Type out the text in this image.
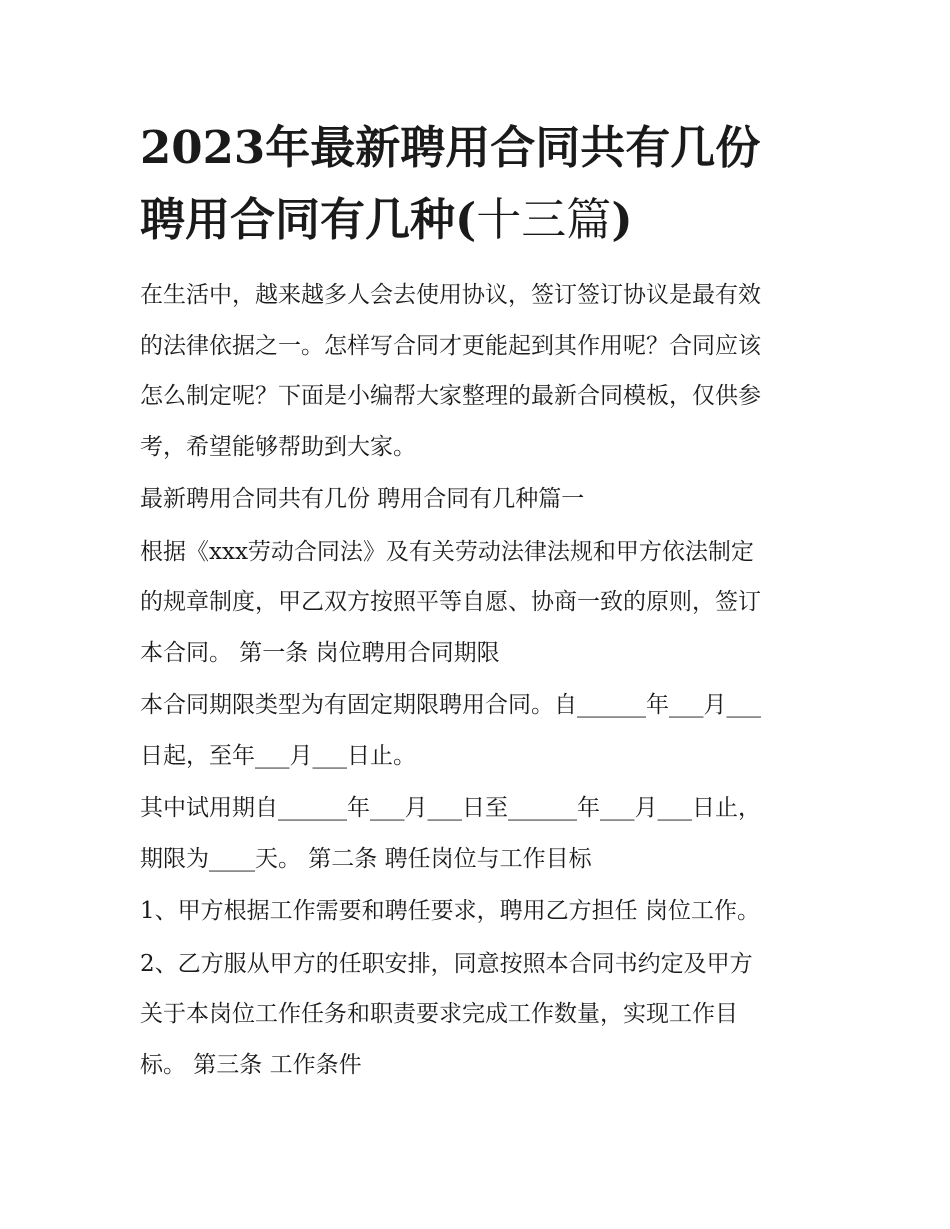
2023年最新聘用合同共有几份
聘用合同有几种(十三篇)

在生活中，越来越多人会去使用协议，签订签订协议是最有效
的法律依据之一。怎样写合同才更能起到其作用呢？合同应该
怎么制定呢？下面是小编帮大家整理的最新合同模板，仅供参
考，希望能够帮助到大家。

最新聘用合同共有几份 聘用合同有几种篇一

根据《xxx劳动合同法》及有关劳动法律法规和甲方依法制定
的规章制度，甲乙双方按照平等自愿、协商一致的原则，签订
本合同。 第一条 岗位聘用合同期限

本合同期限类型为有固定期限聘用合同。自______年___月___
日起，至年___月___日止。

其中试用期自______年___月___日至______年___月___日止，
期限为____天。 第二条 聘任岗位与工作目标

1、甲方根据工作需要和聘任要求，聘用乙方担任 岗位工作。

2、乙方服从甲方的任职安排，同意按照本合同书约定及甲方
关于本岗位工作任务和职责要求完成工作数量，实现工作目
标。 第三条 工作条件
